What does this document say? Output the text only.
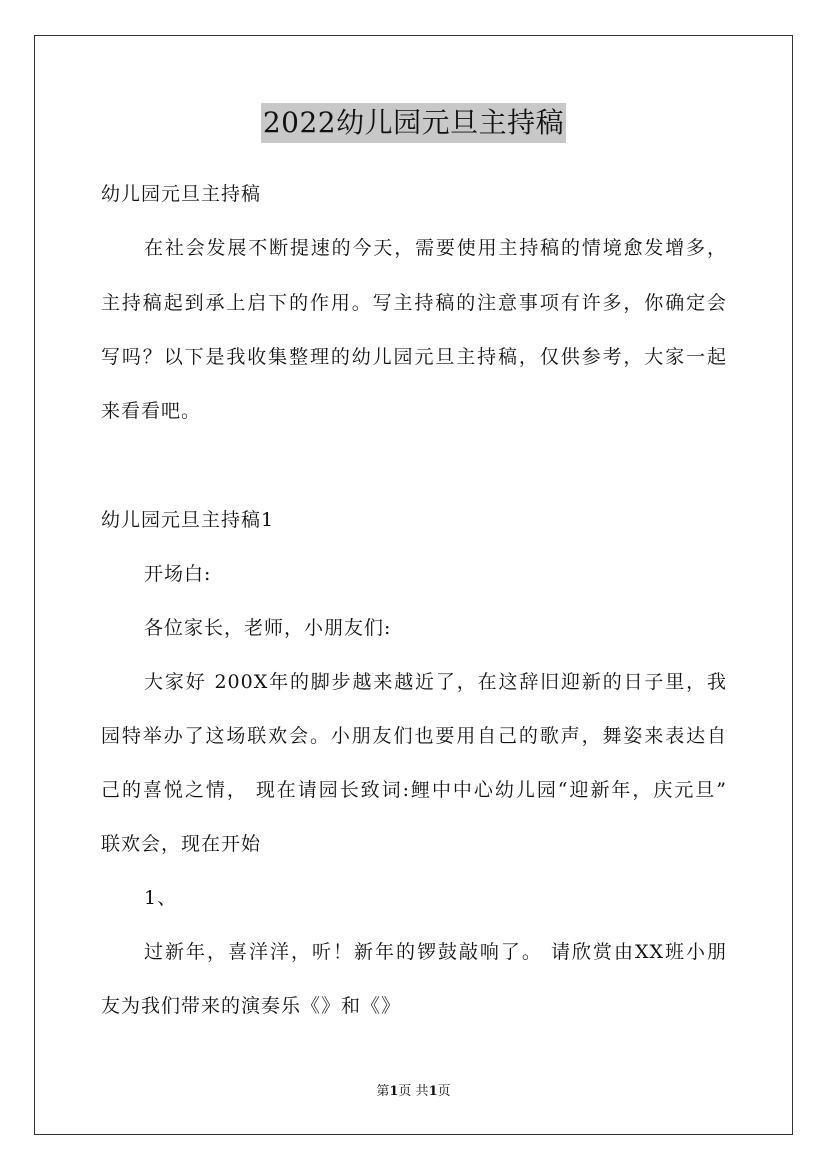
2022幼儿园元旦主持稿
幼儿园元旦主持稿
在社会发展不断提速的今天，需要使用主持稿的情境愈发增多，
主持稿起到承上启下的作用。写主持稿的注意事项有许多，你确定会
写吗？以下是我收集整理的幼儿园元旦主持稿，仅供参考，大家一起
来看看吧。
幼儿园元旦主持稿1
开场白:
各位家长，老师，小朋友们:
大家好 200X年的脚步越来越近了，在这辞旧迎新的日子里，我
园特举办了这场联欢会。小朋友们也要用自己的歌声，舞姿来表达自
己的喜悦之情， 现在请园长致词:鲤中中心幼儿园“迎新年，庆元旦”
联欢会，现在开始
1、
过新年，喜洋洋，听！新年的锣鼓敲响了。 请欣赏由XX班小朋
友为我们带来的演奏乐《》和《》
第1页 共1页
